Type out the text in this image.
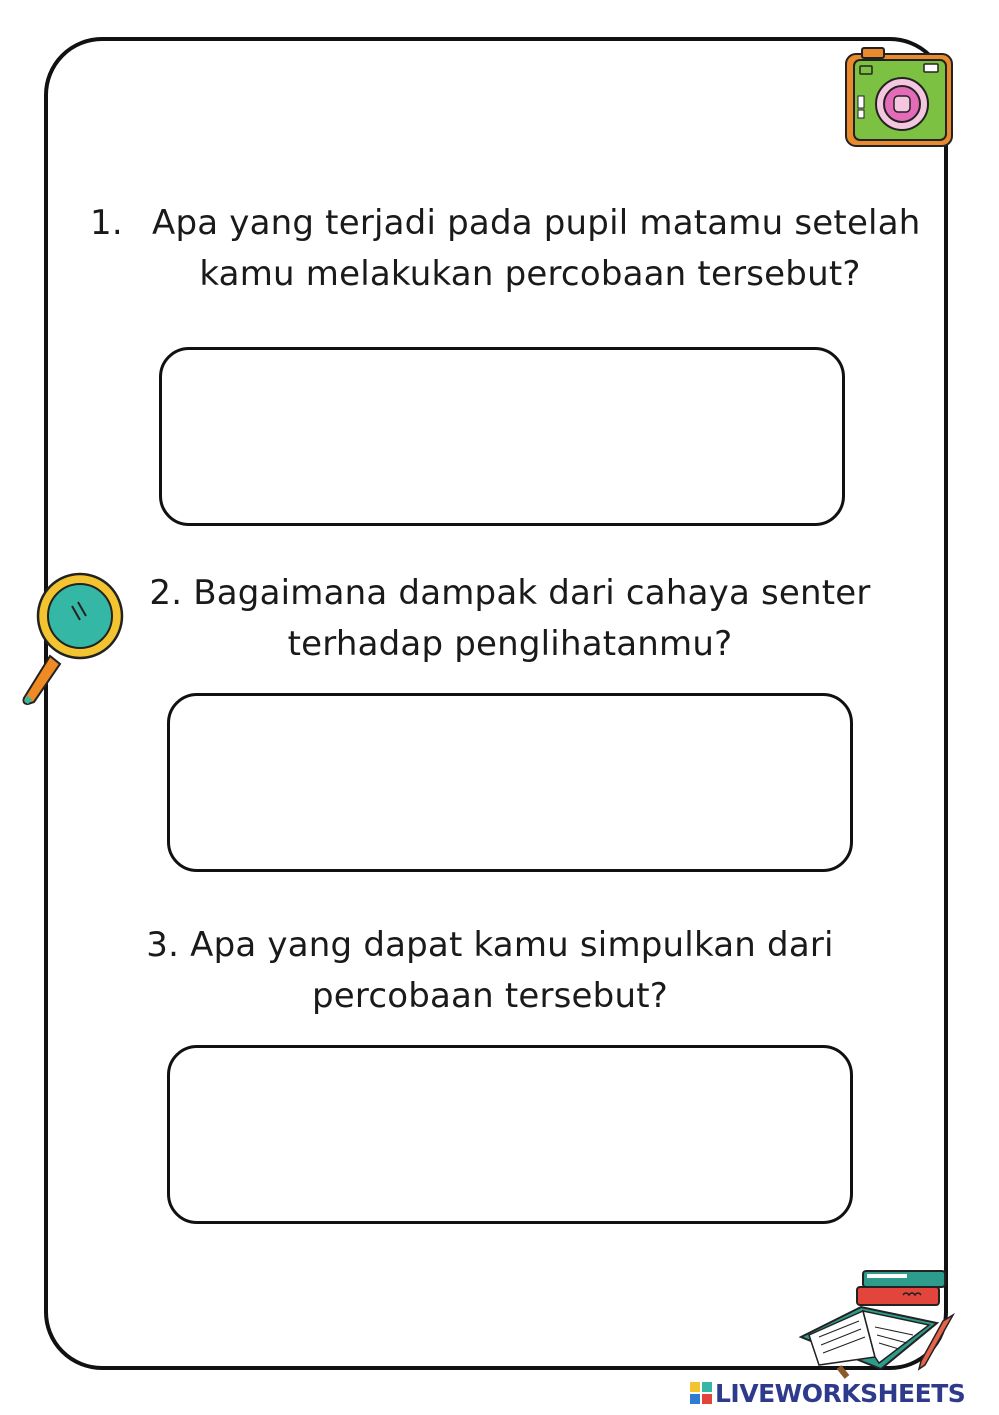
1. Apa yang terjadi pada pupil matamu setelah
kamu melakukan percobaan tersebut?
2. Bagaimana dampak dari cahaya senter
terhadap penglihatanmu?
3. Apa yang dapat kamu simpulkan dari
percobaan tersebut?
LIVEWORKSHEETS
